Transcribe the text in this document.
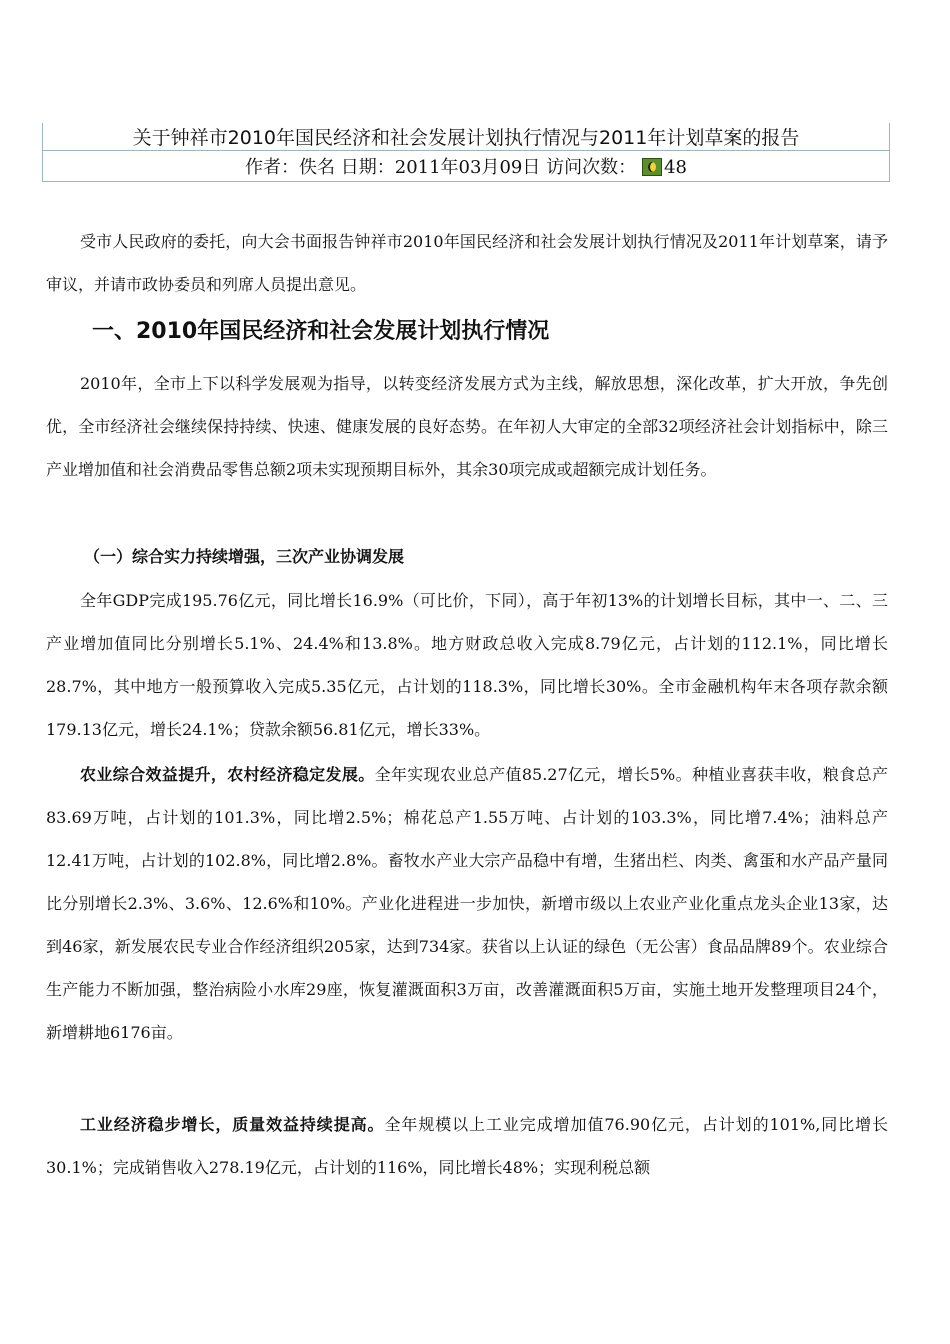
关于钟祥市2010年国民经济和社会发展计划执行情况与2011年计划草案的报告
作者：佚名 日期：2011年03月09日 访问次数： 48

受市人民政府的委托，向大会书面报告钟祥市2010年国民经济和社会发展计划执行情况及2011年计划草案，请予审议，并请市政协委员和列席人员提出意见。

一、2010年国民经济和社会发展计划执行情况

2010年，全市上下以科学发展观为指导，以转变经济发展方式为主线，解放思想，深化改革，扩大开放，争先创优，全市经济社会继续保持持续、快速、健康发展的良好态势。在年初人大审定的全部32项经济社会计划指标中，除三产业增加值和社会消费品零售总额2项未实现预期目标外，其余30项完成或超额完成计划任务。

（一）综合实力持续增强，三次产业协调发展

全年GDP完成195.76亿元，同比增长16.9%（可比价，下同），高于年初13%的计划增长目标，其中一、二、三产业增加值同比分别增长5.1%、24.4%和13.8%。地方财政总收入完成8.79亿元，占计划的112.1%，同比增长28.7%，其中地方一般预算收入完成5.35亿元，占计划的118.3%，同比增长30%。全市金融机构年末各项存款余额179.13亿元，增长24.1%；贷款余额56.81亿元，增长33%。

农业综合效益提升，农村经济稳定发展。全年实现农业总产值85.27亿元，增长5%。种植业喜获丰收，粮食总产83.69万吨，占计划的101.3%，同比增2.5%；棉花总产1.55万吨、占计划的103.3%，同比增7.4%；油料总产12.41万吨，占计划的102.8%，同比增2.8%。畜牧水产业大宗产品稳中有增，生猪出栏、肉类、禽蛋和水产品产量同比分别增长2.3%、3.6%、12.6%和10%。产业化进程进一步加快，新增市级以上农业产业化重点龙头企业13家，达到46家，新发展农民专业合作经济组织205家，达到734家。获省以上认证的绿色（无公害）食品品牌89个。农业综合生产能力不断加强，整治病险小水库29座，恢复灌溉面积3万亩，改善灌溉面积5万亩，实施土地开发整理项目24个，新增耕地6176亩。

工业经济稳步增长，质量效益持续提高。全年规模以上工业完成增加值76.90亿元，占计划的101%,同比增长30.1%；完成销售收入278.19亿元，占计划的116%，同比增长48%；实现利税总额
